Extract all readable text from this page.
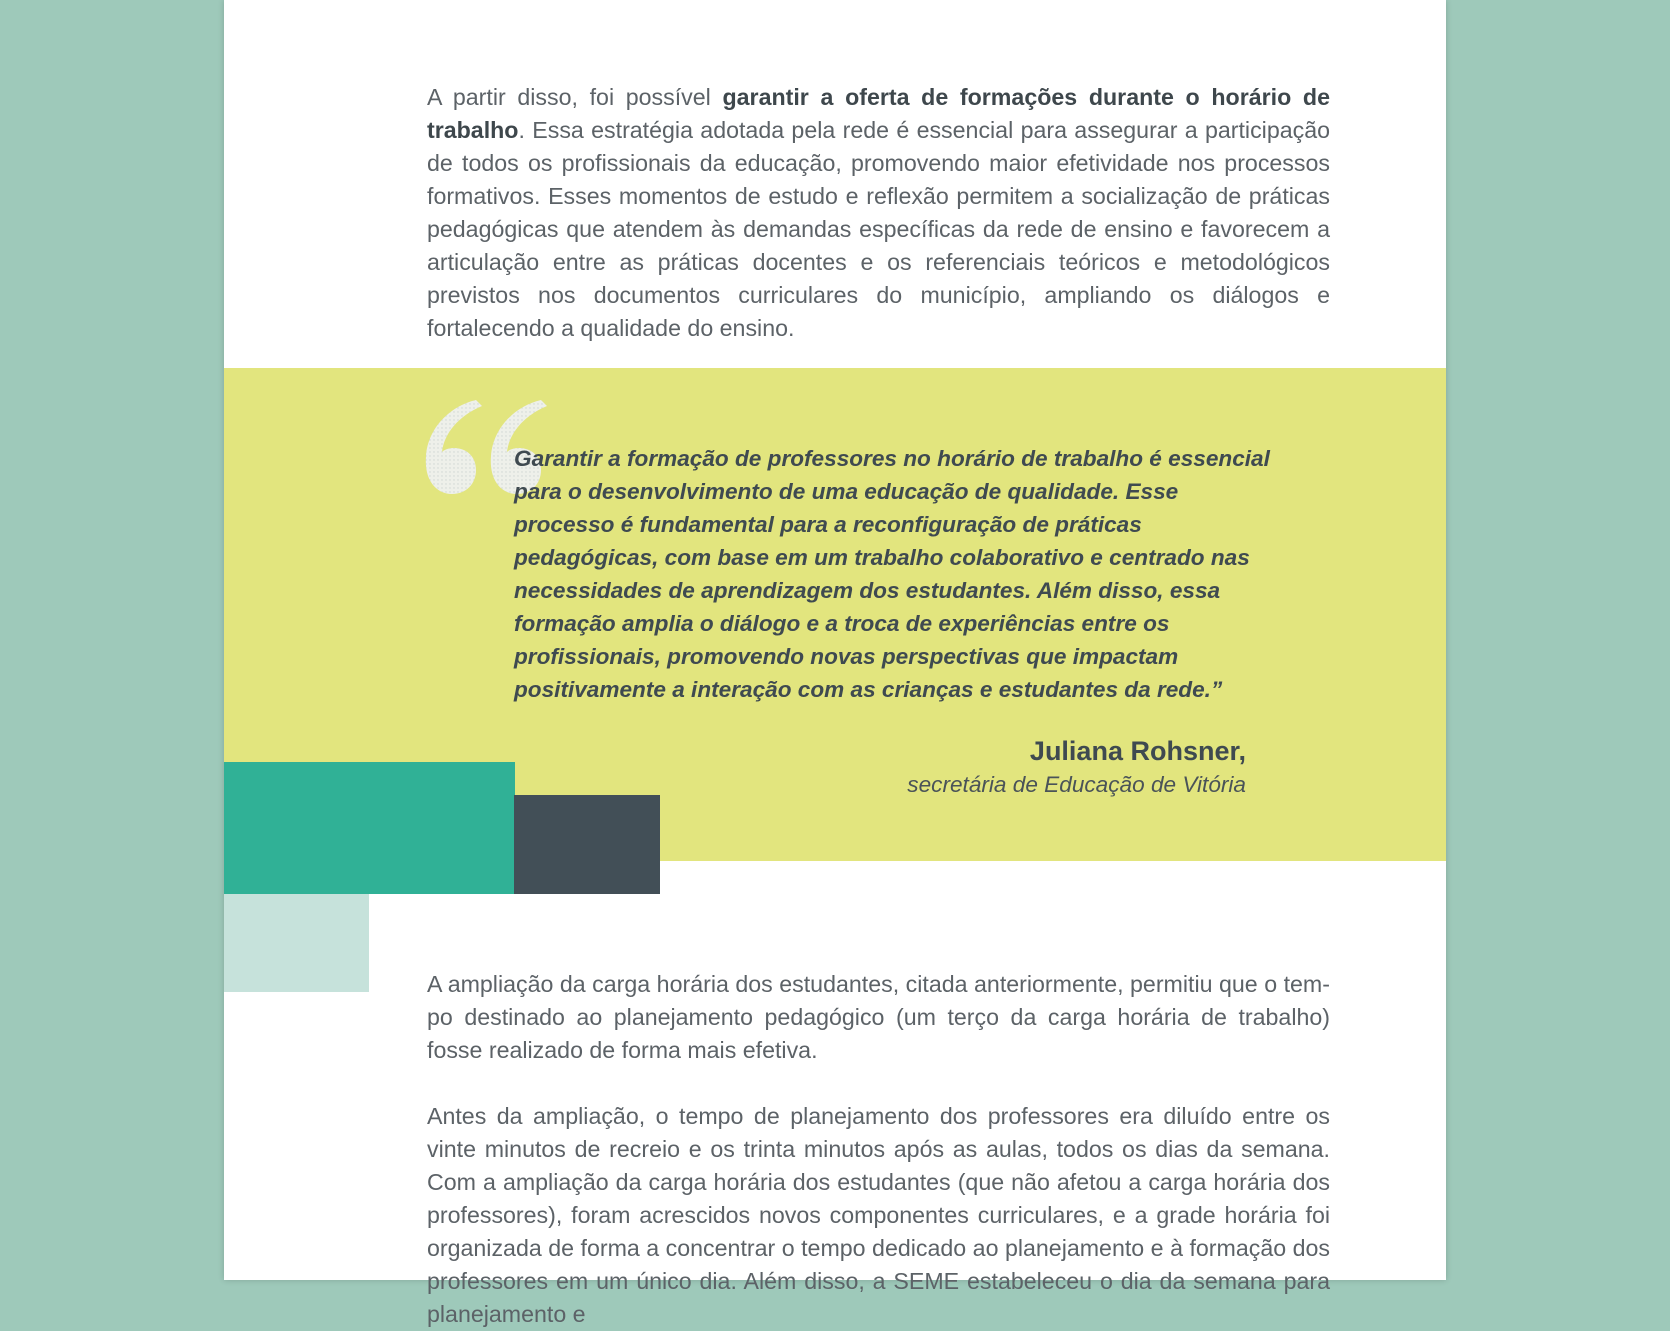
A partir disso, foi possível garantir a oferta de formações durante o horário de trabalho. Essa estratégia adotada pela rede é essencial para assegurar a participação de todos os profissionais da educação, promovendo maior efetividade nos processos formativos. Esses momentos de estudo e reflexão permitem a socialização de práticas pedagógicas que atendem às demandas específicas da rede de ensino e favorecem a articulação entre as práticas docentes e os referenciais teóricos e metodológicos previstos nos documentos curriculares do município, ampliando os diálogos e fortalecendo a qualidade do ensino.

Garantir a formação de professores no horário de trabalho é essencial para o desenvolvimento de uma educação de qualidade. Esse processo é fundamental para a reconfiguração de práticas pedagógicas, com base em um trabalho colaborativo e centrado nas necessidades de aprendizagem dos estudantes. Além disso, essa formação amplia o diálogo e a troca de experiências entre os profissionais, promovendo novas perspectivas que impactam positivamente a interação com as crianças e estudantes da rede.”

Juliana Rohsner,
secretária de Educação de Vitória

A ampliação da carga horária dos estudantes, citada anteriormente, permitiu que o tempo destinado ao planejamento pedagógico (um terço da carga horária de trabalho) fosse realizado de forma mais efetiva.

Antes da ampliação, o tempo de planejamento dos professores era diluído entre os vinte minutos de recreio e os trinta minutos após as aulas, todos os dias da semana. Com a ampliação da carga horária dos estudantes (que não afetou a carga horária dos professores), foram acrescidos novos componentes curriculares, e a grade horária foi organizada de forma a concentrar o tempo dedicado ao planejamento e à formação dos professores em um único dia. Além disso, a SEME estabeleceu o dia da semana para planejamento e
